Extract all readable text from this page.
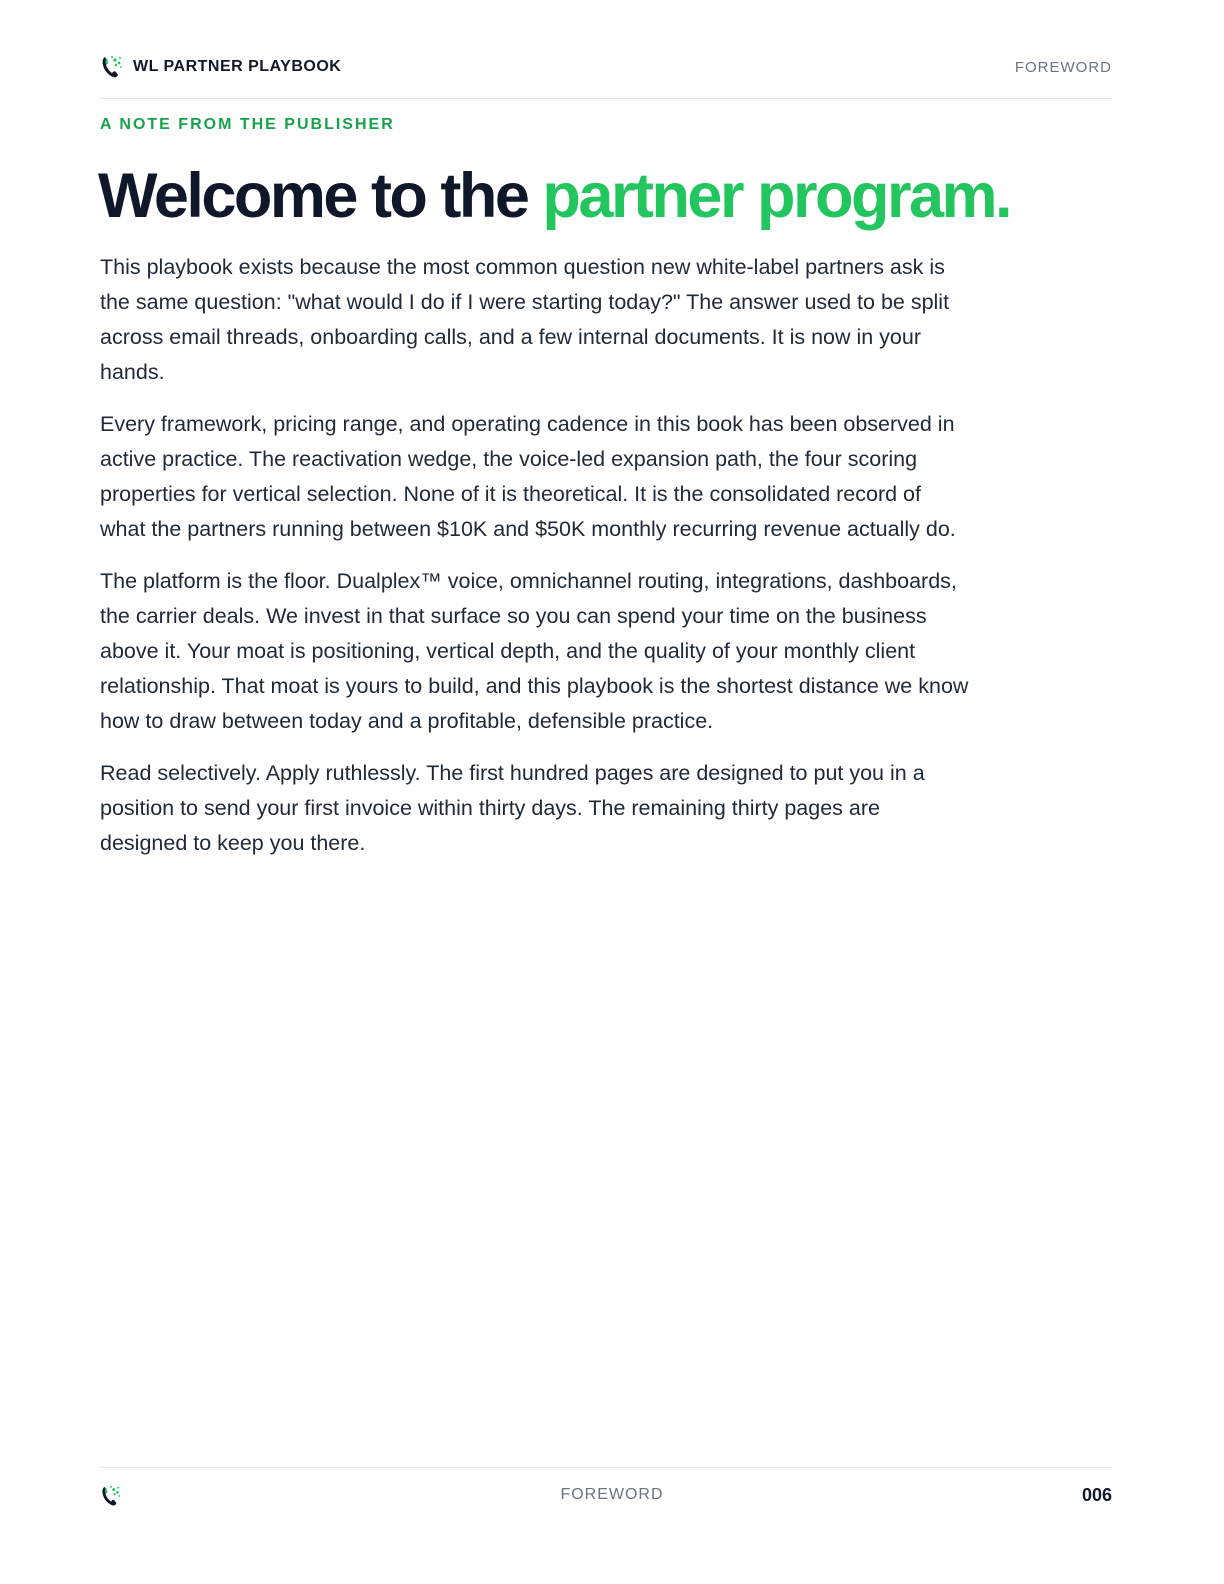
WL PARTNER PLAYBOOK	FOREWORD
A NOTE FROM THE PUBLISHER
Welcome to the partner program.

This playbook exists because the most common question new white-label partners ask is the same question: "what would I do if I were starting today?" The answer used to be split across email threads, onboarding calls, and a few internal documents. It is now in your hands.

Every framework, pricing range, and operating cadence in this book has been observed in active practice. The reactivation wedge, the voice-led expansion path, the four scoring properties for vertical selection. None of it is theoretical. It is the consolidated record of what the partners running between $10K and $50K monthly recurring revenue actually do.

The platform is the floor. Dualplex™ voice, omnichannel routing, integrations, dashboards, the carrier deals. We invest in that surface so you can spend your time on the business above it. Your moat is positioning, vertical depth, and the quality of your monthly client relationship. That moat is yours to build, and this playbook is the shortest distance we know how to draw between today and a profitable, defensible practice.

Read selectively. Apply ruthlessly. The first hundred pages are designed to put you in a position to send your first invoice within thirty days. The remaining thirty pages are designed to keep you there.

FOREWORD	006
